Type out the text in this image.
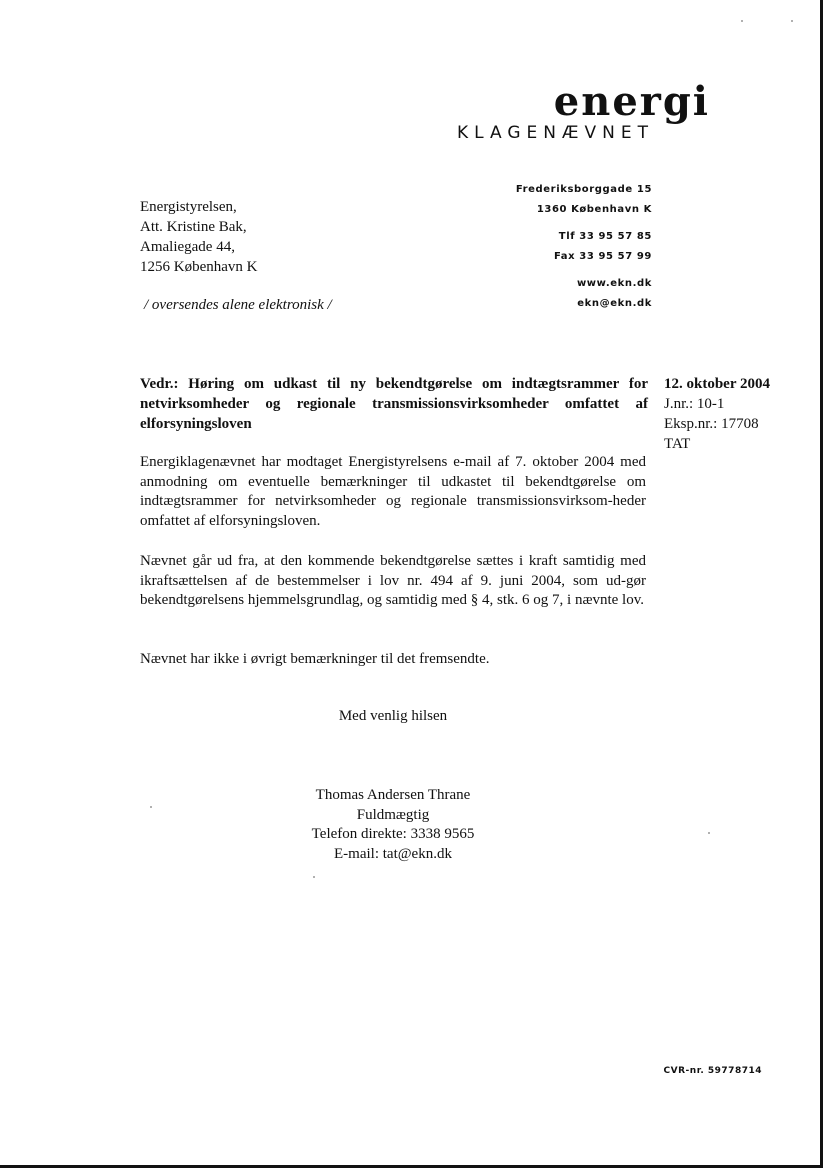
energi
KLAGENÆVNET
Frederiksborggade 15
1360 København K
Tlf 33 95 57 85
Fax 33 95 57 99
www.ekn.dk
ekn@ekn.dk
Energistyrelsen,
Att. Kristine Bak,
Amaliegade 44,
1256 København K
/ oversendes alene elektronisk /
Vedr.: Høring om udkast til ny bekendtgørelse om indtægtsrammer for netvirksomheder og regionale transmissionsvirksomheder omfattet af elforsyningsloven
12. oktober 2004
J.nr.: 10-1
Eksp.nr.: 17708
TAT
Energiklagenævnet har modtaget Energistyrelsens e-mail af 7. oktober 2004 med anmodning om eventuelle bemærkninger til udkastet til bekendtgørelse om indtægtsrammer for netvirksomheder og regionale transmissionsvirksom-heder omfattet af elforsyningsloven.
Nævnet går ud fra, at den kommende bekendtgørelse sættes i kraft samtidig med ikraftsættelsen af de bestemmelser i lov nr. 494 af 9. juni 2004, som ud-gør bekendtgørelsens hjemmelsgrundlag, og samtidig med § 4, stk. 6 og 7, i nævnte lov.
Nævnet har ikke i øvrigt bemærkninger til det fremsendte.
Med venlig hilsen
Thomas Andersen Thrane
Fuldmægtig
Telefon direkte: 3338 9565
E-mail: tat@ekn.dk
CVR-nr. 59778714
